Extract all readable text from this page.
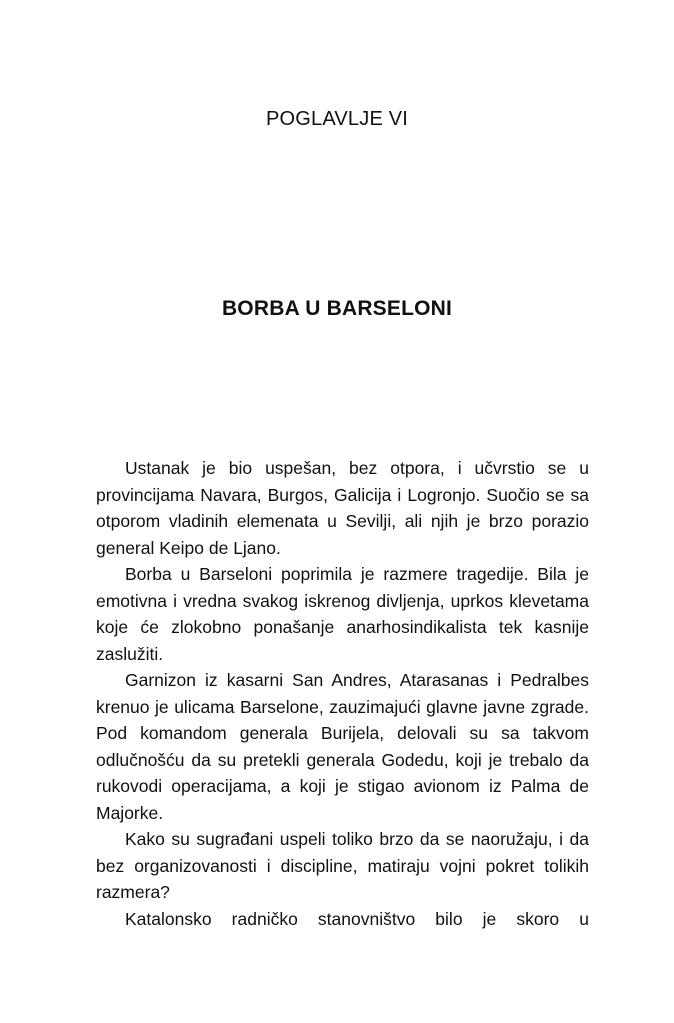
POGLAVLJE VI
BORBA U BARSELONI

Ustanak je bio uspešan, bez otpora, i učvrstio se u provincijama Navara, Burgos, Galicija i Logronjo. Suočio se sa otporom vladinih elemenata u Sevilji, ali njih je brzo porazio general Keipo de Ljano.

Borba u Barseloni poprimila je razmere tragedije. Bila je emotivna i vredna svakog iskrenog divljenja, uprkos klevetama koje će zlokobno ponašanje anarhosindikalista tek kasnije zaslužiti.

Garnizon iz kasarni San Andres, Atarasanas i Pedralbes krenuo je ulicama Barselone, zauzimajući glavne javne zgrade. Pod komandom generala Burijela, delovali su sa takvom odlučnošću da su pretekli generala Godedu, koji je trebalo da rukovodi operacijama, a koji je stigao avionom iz Palma de Majorke.

Kako su sugrađani uspeli toliko brzo da se naoružaju, i da bez organizovanosti i discipline, matiraju vojni pokret tolikih razmera?

Katalonsko radničko stanovništvo bilo je skoro u
